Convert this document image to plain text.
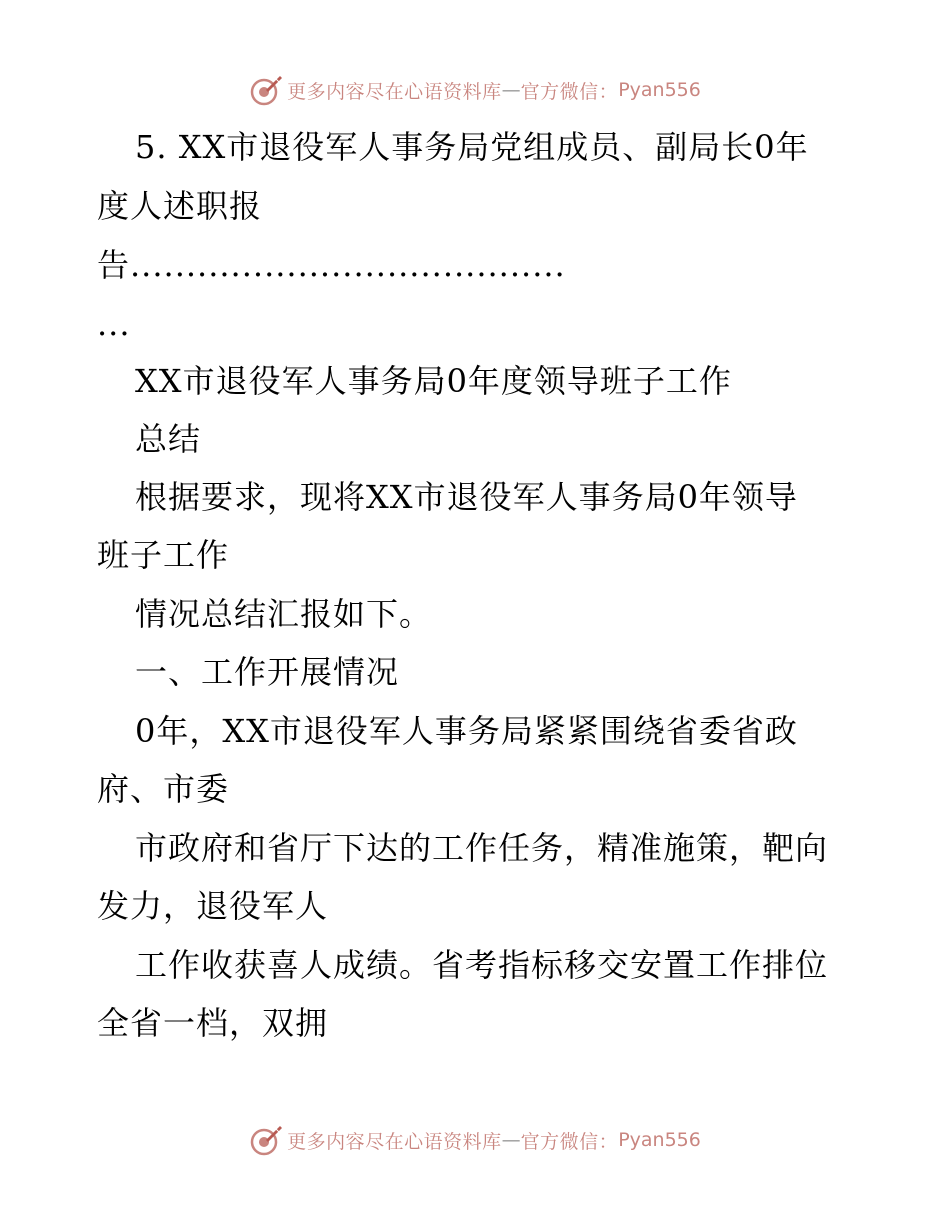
更多内容尽在心语资料库 — 官方微信： Pyan556
5. XX市退役军人事务局党组成员、副局长0年
度人述职报
告.......................................
...
XX市退役军人事务局0年度领导班子工作
总结
根据要求，现将XX市退役军人事务局0年领导
班子工作
情况总结汇报如下。
一、工作开展情况
0年，XX市退役军人事务局紧紧围绕省委省政
府、市委
市政府和省厅下达的工作任务，精准施策，靶向
发力，退役军人
工作收获喜人成绩。省考指标移交安置工作排位
全省一档，双拥
更多内容尽在心语资料库 — 官方微信： Pyan556
